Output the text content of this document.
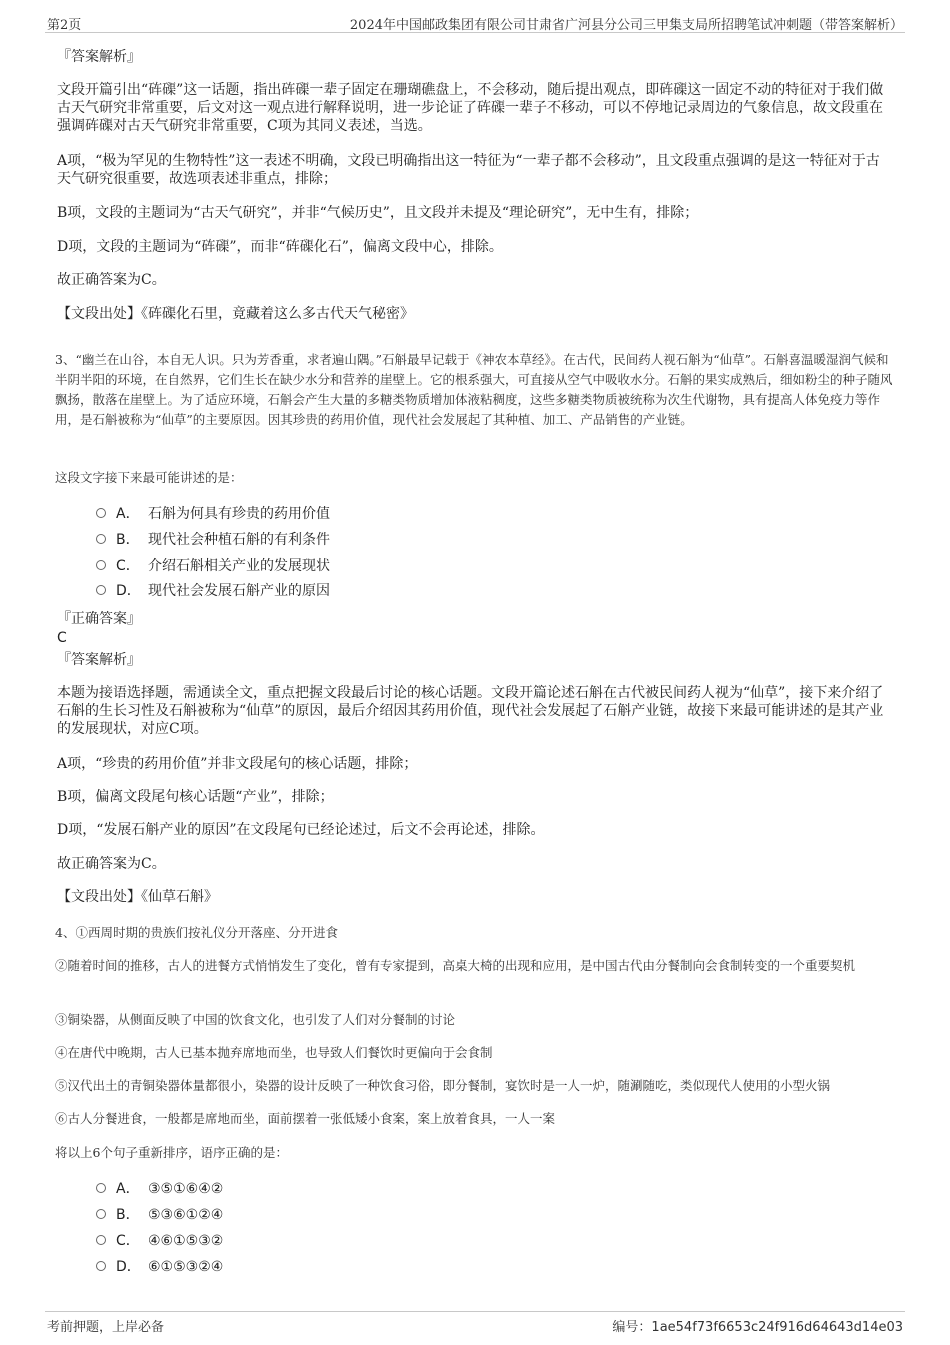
第2页	2024年中国邮政集团有限公司甘肃省广河县分公司三甲集支局所招聘笔试冲刺题（带答案解析）
『答案解析』
文段开篇引出“砗磲”这一话题，指出砗磲一辈子固定在珊瑚礁盘上，不会移动，随后提出观点，即砗磲这一固定不动的特征对于我们做古天气研究非常重要，后文对这一观点进行解释说明，进一步论证了砗磲一辈子不移动，可以不停地记录周边的气象信息，故文段重在强调砗磲对古天气研究非常重要，C项为其同义表述，当选。
A项，“极为罕见的生物特性”这一表述不明确，文段已明确指出这一特征为“一辈子都不会移动”，且文段重点强调的是这一特征对于古天气研究很重要，故选项表述非重点，排除；
B项，文段的主题词为“古天气研究”，并非“气候历史”，且文段并未提及“理论研究”，无中生有，排除；
D项，文段的主题词为“砗磲”，而非“砗磲化石”，偏离文段中心，排除。
故正确答案为C。
【文段出处】《砗磲化石里，竟藏着这么多古代天气秘密》
3、“幽兰在山谷，本自无人识。只为芳香重，求者遍山隅。”石斛最早记载于《神农本草经》。在古代，民间药人视石斛为“仙草”。石斛喜温暖湿润气候和半阴半阳的环境，在自然界，它们生长在缺少水分和营养的崖壁上。它的根系强大，可直接从空气中吸收水分。石斛的果实成熟后，细如粉尘的种子随风飘扬，散落在崖壁上。为了适应环境，石斛会产生大量的多糖类物质增加体液粘稠度，这些多糖类物质被统称为次生代谢物，具有提高人体免疫力等作用，是石斛被称为“仙草”的主要原因。因其珍贵的药用价值，现代社会发展起了其种植、加工、产品销售的产业链。
这段文字接下来最可能讲述的是：
A． 石斛为何具有珍贵的药用价值
B． 现代社会种植石斛的有利条件
C． 介绍石斛相关产业的发展现状
D． 现代社会发展石斛产业的原因
『正确答案』
C
『答案解析』
本题为接语选择题，需通读全文，重点把握文段最后讨论的核心话题。文段开篇论述石斛在古代被民间药人视为“仙草”，接下来介绍了石斛的生长习性及石斛被称为“仙草”的原因，最后介绍因其药用价值，现代社会发展起了石斛产业链，故接下来最可能讲述的是其产业的发展现状，对应C项。
A项，“珍贵的药用价值”并非文段尾句的核心话题，排除；
B项，偏离文段尾句核心话题“产业”，排除；
D项，“发展石斛产业的原因”在文段尾句已经论述过，后文不会再论述，排除。
故正确答案为C。
【文段出处】《仙草石斛》
4、①西周时期的贵族们按礼仪分开落座、分开进食
②随着时间的推移，古人的进餐方式悄悄发生了变化，曾有专家提到，高桌大椅的出现和应用，是中国古代由分餐制向会食制转变的一个重要契机
③铜染器，从侧面反映了中国的饮食文化，也引发了人们对分餐制的讨论
④在唐代中晚期，古人已基本抛弃席地而坐，也导致人们餐饮时更偏向于会食制
⑤汉代出土的青铜染器体量都很小，染器的设计反映了一种饮食习俗，即分餐制，宴饮时是一人一炉，随涮随吃，类似现代人使用的小型火锅
⑥古人分餐进食，一般都是席地而坐，面前摆着一张低矮小食案，案上放着食具，一人一案
将以上6个句子重新排序，语序正确的是：
A． ③⑤①⑥④②
B． ⑤③⑥①②④
C． ④⑥①⑤③②
D． ⑥①⑤③②④
考前押题，上岸必备	编号：1ae54f73f6653c24f916d64643d14e03
